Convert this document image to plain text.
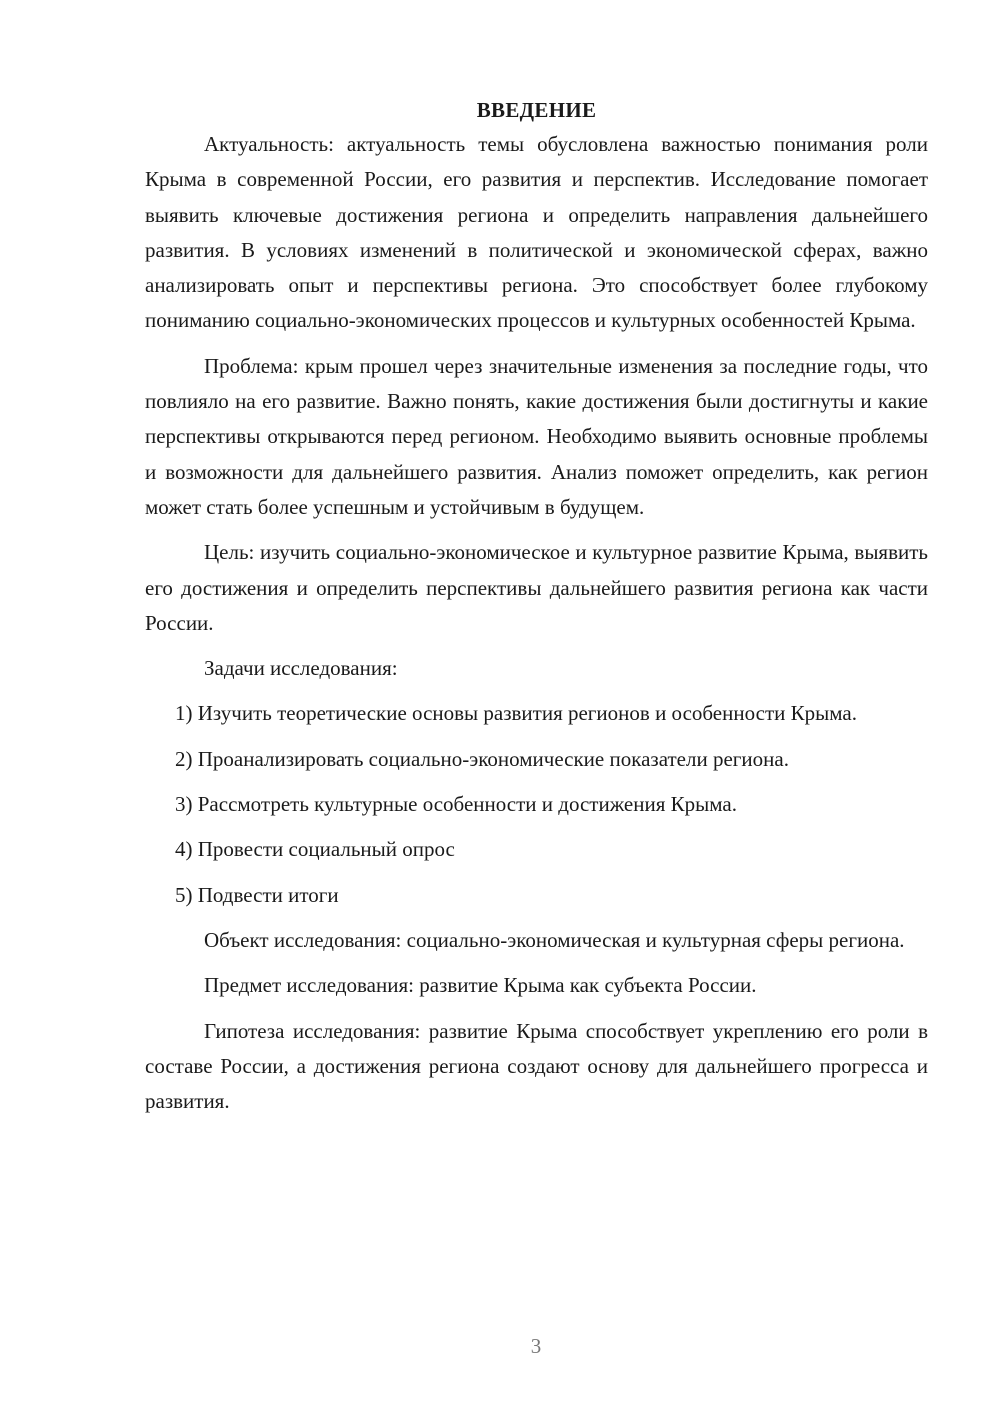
ВВЕДЕНИЕ

Актуальность: актуальность темы обусловлена важностью понимания роли Крыма в современной России, его развития и перспектив. Исследование помогает выявить ключевые достижения региона и определить направления дальнейшего развития. В условиях изменений в политической и экономической сферах, важно анализировать опыт и перспективы региона. Это способствует более глубокому пониманию социально-экономических процессов и культурных особенностей Крыма.

Проблема: крым прошел через значительные изменения за последние годы, что повлияло на его развитие. Важно понять, какие достижения были достигнуты и какие перспективы открываются перед регионом. Необходимо выявить основные проблемы и возможности для дальнейшего развития. Анализ поможет определить, как регион может стать более успешным и устойчивым в будущем.

Цель: изучить социально-экономическое и культурное развитие Крыма, выявить его достижения и определить перспективы дальнейшего развития региона как части России.

Задачи исследования:

1) Изучить теоретические основы развития регионов и особенности Крыма.

2) Проанализировать социально-экономические показатели региона.

3) Рассмотреть культурные особенности и достижения Крыма.

4) Провести социальный опрос

5) Подвести итоги

Объект исследования: социально-экономическая и культурная сферы региона.

Предмет исследования: развитие Крыма как субъекта России.

Гипотеза исследования: развитие Крыма способствует укреплению его роли в составе России, а достижения региона создают основу для дальнейшего прогресса и развития.

3
